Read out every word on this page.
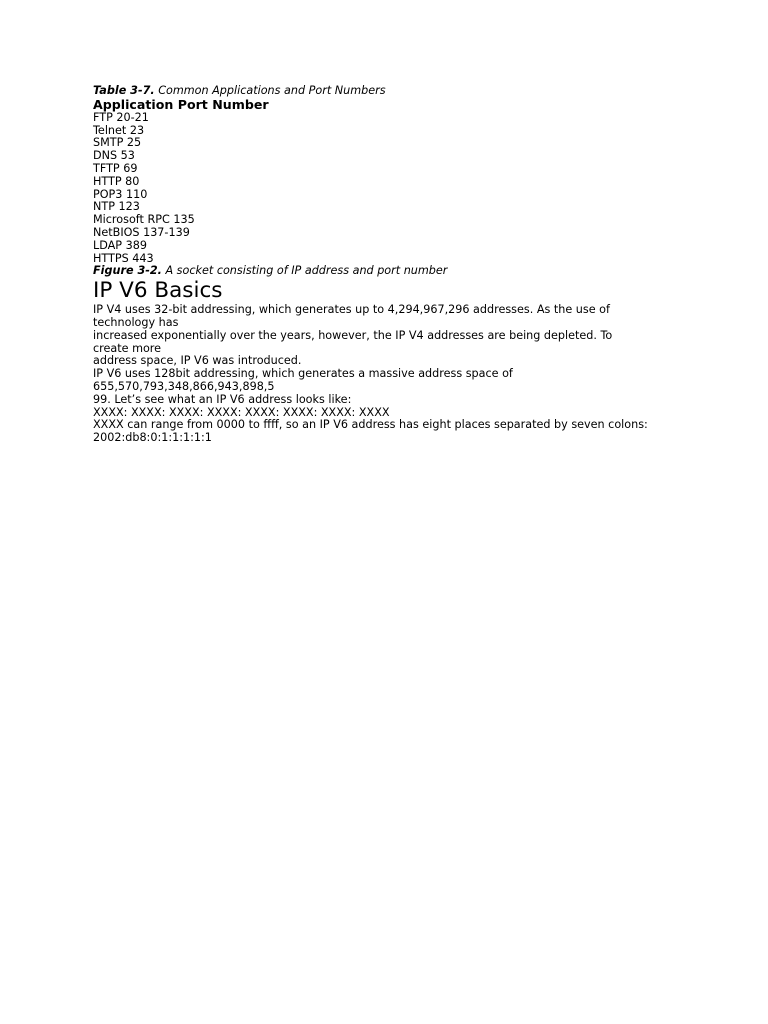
Table 3-7. Common Applications and Port Numbers
Application Port Number
FTP 20-21
Telnet 23
SMTP 25
DNS 53
TFTP 69
HTTP 80
POP3 110
NTP 123
Microsoft RPC 135
NetBIOS 137-139
LDAP 389
HTTPS 443
Figure 3-2. A socket consisting of IP address and port number
IP V6 Basics
IP V4 uses 32-bit addressing, which generates up to 4,294,967,296 addresses. As the use of
technology has
increased exponentially over the years, however, the IP V4 addresses are being depleted. To
create more
address space, IP V6 was introduced.
IP V6 uses 128bit addressing, which generates a massive address space of
655,570,793,348,866,943,898,5
99. Let’s see what an IP V6 address looks like:
XXXX: XXXX: XXXX: XXXX: XXXX: XXXX: XXXX: XXXX
XXXX can range from 0000 to ffff, so an IP V6 address has eight places separated by seven colons:
2002:db8:0:1:1:1:1:1
